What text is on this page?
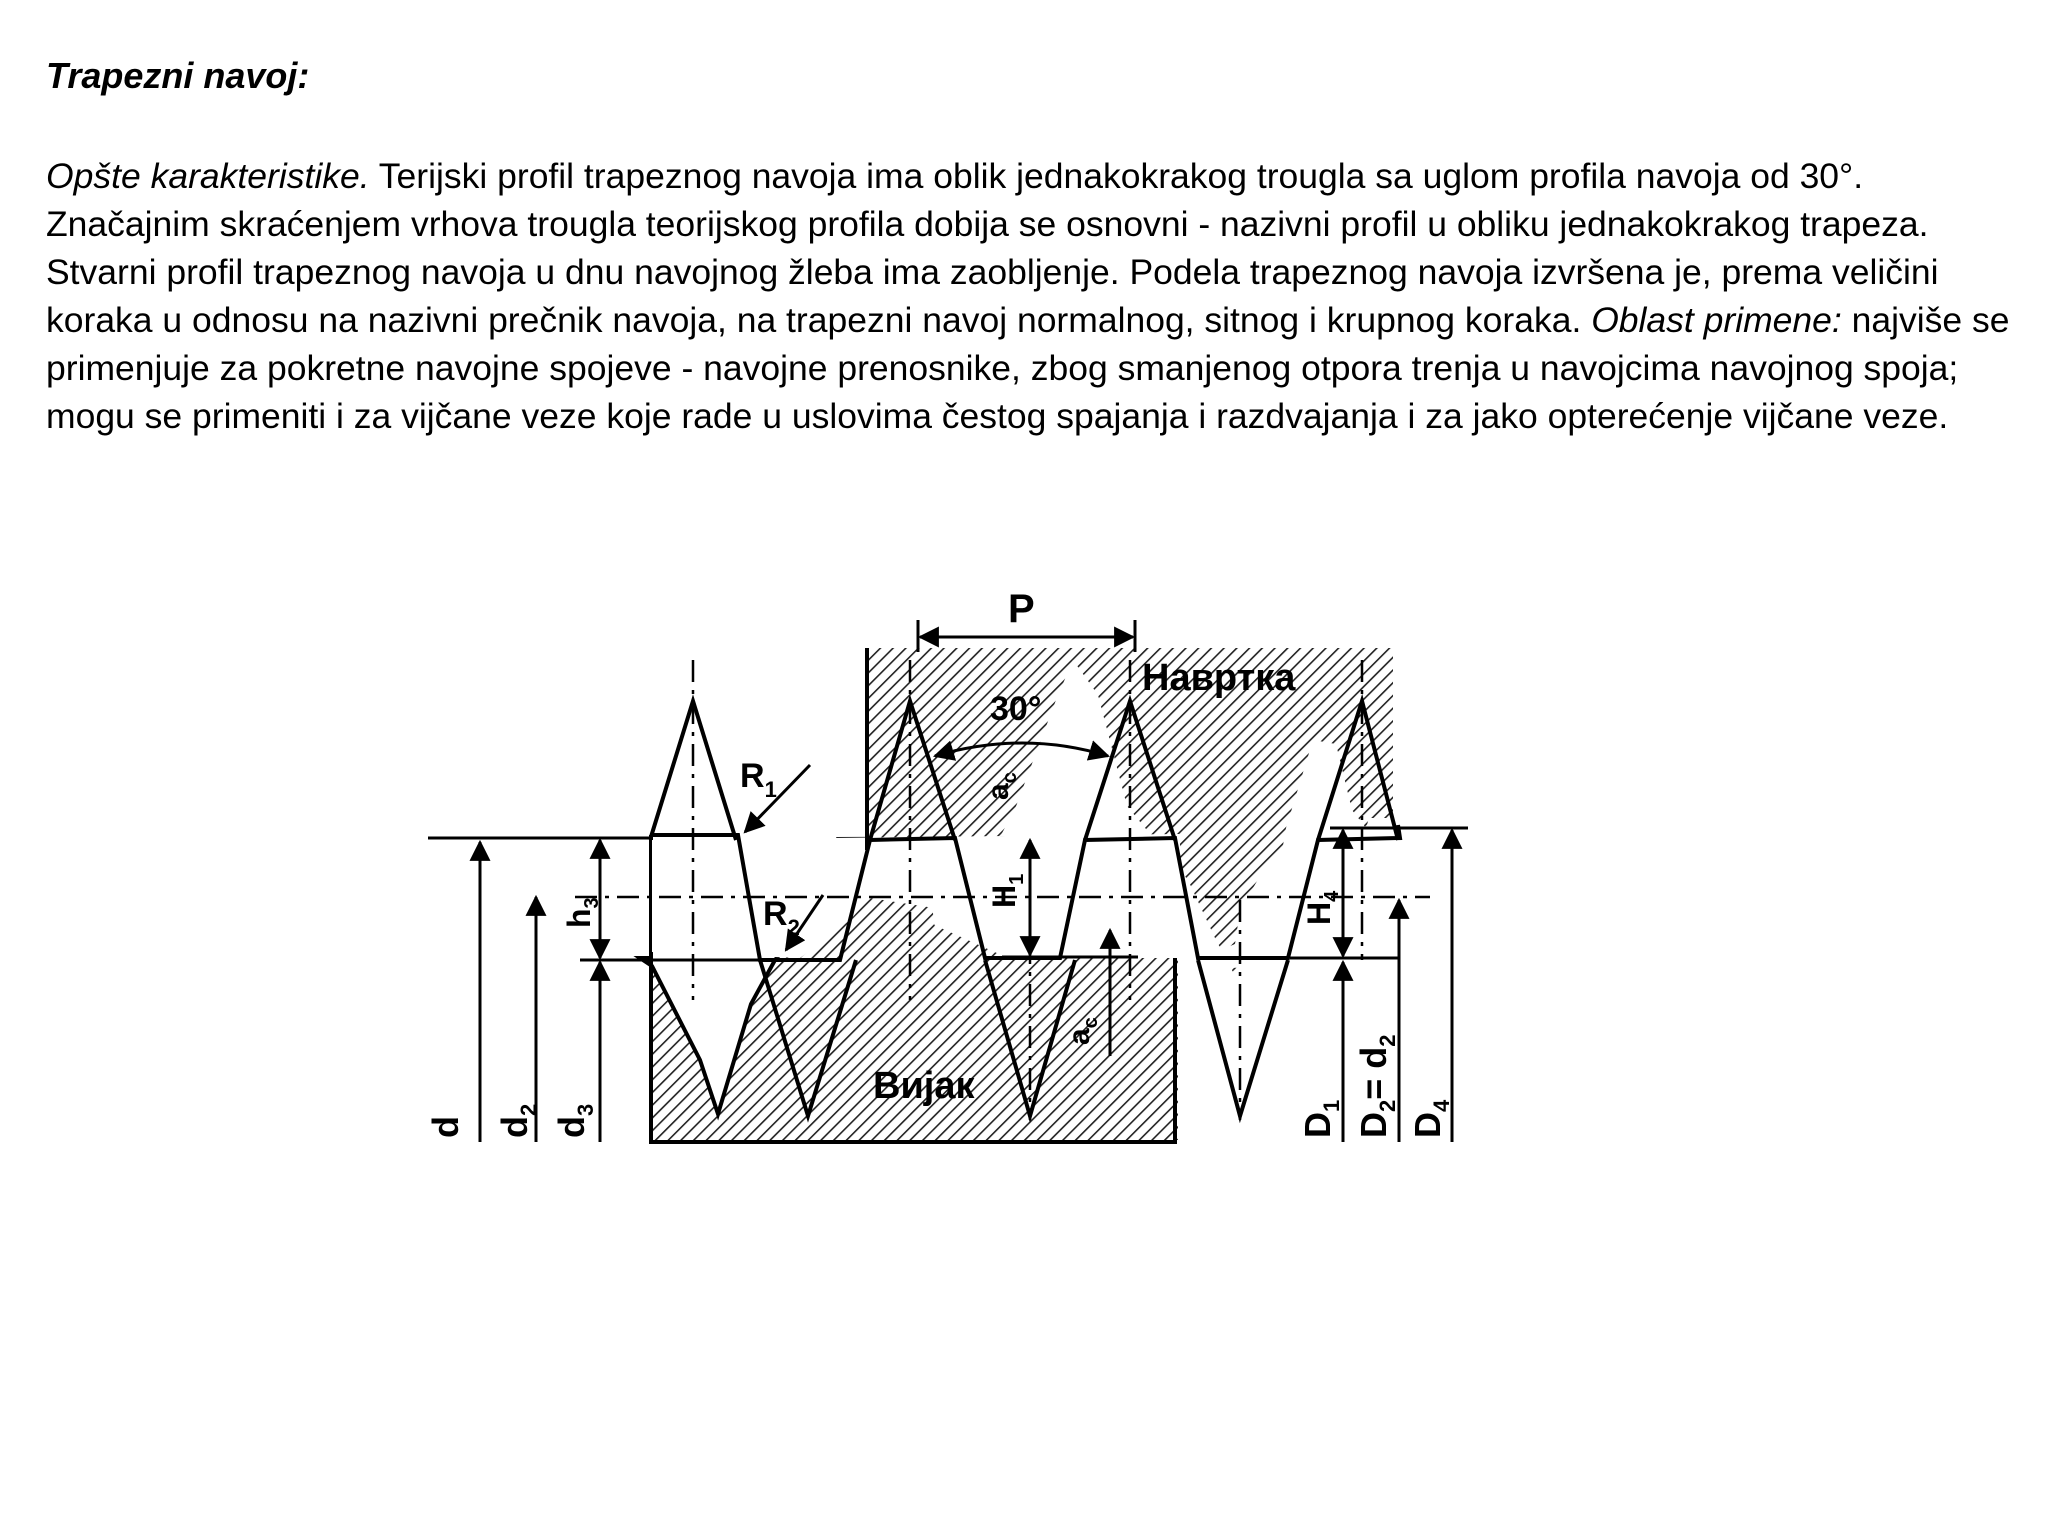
Trapezni navoj:

Opšte karakteristike. Terijski profil trapeznog navoja ima oblik jednakokrakog trougla sa uglom profila navoja od 30°. Značajnim skraćenjem vrhova trougla teorijskog profila dobija se osnovni - nazivni profil u obliku jednakokrakog trapeza. Stvarni profil trapeznog navoja u dnu navojnog žleba ima zaobljenje. Podela trapeznog navoja izvršena je, prema veličini koraka u odnosu na nazivni prečnik navoja, na trapezni navoj normalnog, sitnog i krupnog koraka. Oblast primene: najviše se primenjuje za pokretne navojne spojeve - navojne prenosnike, zbog smanjenog otpora trenja u navojcima navojnog spoja; mogu se primeniti i za vijčane veze koje rade u uslovima čestog spajanja i razdvajanja i za jako opterećenje vijčane veze.

P
30°
Навртка
Вијак
$R_1$
$R_2$
$h_3$
$a_c$
$H_1$
$a_c$
$H_4$
d $d_2$
$d_3$
$D_1$
$D_2= d_2$
$D_4$
